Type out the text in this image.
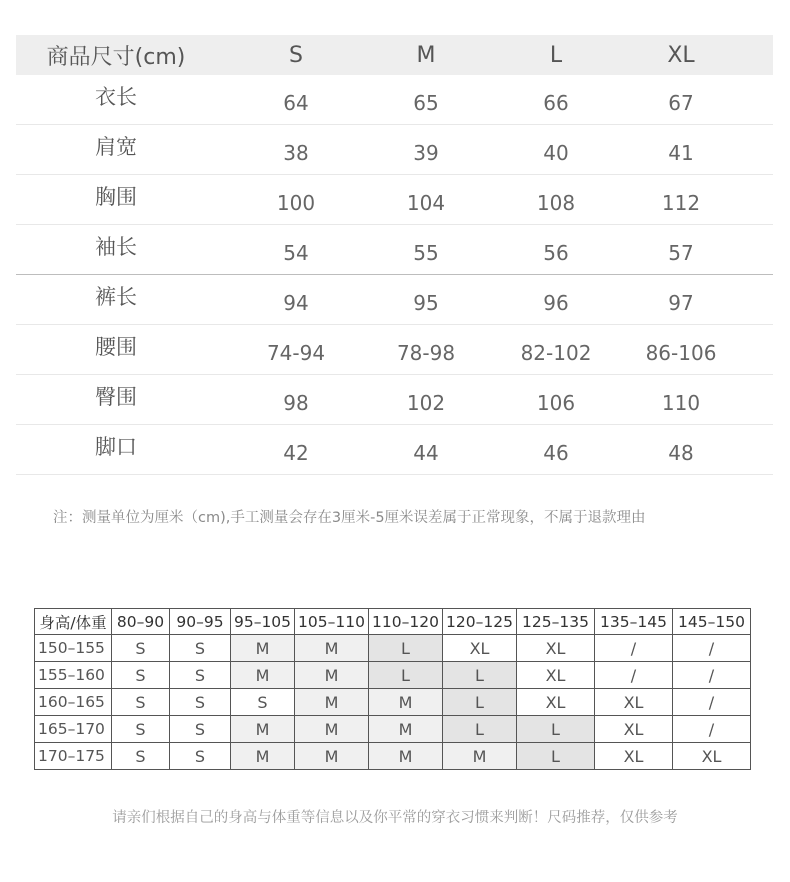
商品尺寸(cm)	S	M	L	XL
衣长	64	65	66	67
肩宽	38	39	40	41
胸围	100	104	108	112
袖长	54	55	56	57
裤长	94	95	96	97
腰围	74-94	78-98	82-102	86-106
臀围	98	102	106	110
脚口	42	44	46	48
注：测量单位为厘米（cm),手工测量会存在3厘米-5厘米误差属于正常现象，不属于退款理由
身高/体重	80–90	90–95	95–105	105–110	110–120	120–125	125–135	135–145	145–150
150–155	S	S	M	M	L	XL	XL	/	/
155–160	S	S	M	M	L	L	XL	/	/
160–165	S	S	S	M	M	L	XL	XL	/
165–170	S	S	M	M	M	L	L	XL	/
170–175	S	S	M	M	M	M	L	XL	XL
请亲们根据自己的身高与体重等信息以及你平常的穿衣习惯来判断！尺码推荐，仅供参考
